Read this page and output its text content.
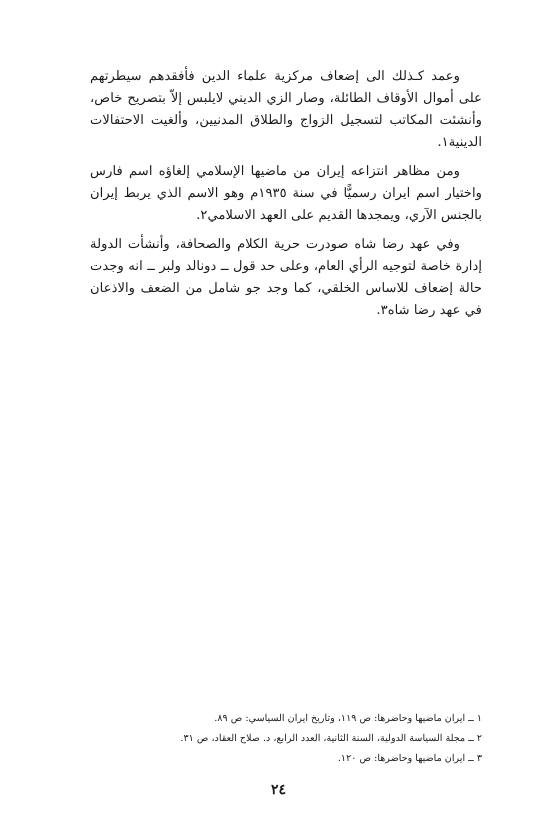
وعمد كـذلك الى إضعاف مركزية علماء الدين فأفقدهم سيطرتهم على أموال الأوقاف الطائلة، وصار الزي الديني لايلبس إلاّ بتصريح خاص، وأنشئت المكاتب لتسجيل الزواج والطلاق المدنيين، وألغيت الاحتفالات الدينية١.

ومن مظاهر انتزاعه إيران من ماضيها الإسلامي إلغاؤه اسم فارس واختيار اسم ايران رسميًّا في سنة ١٩٣٥م وهو الاسم الذي يربط إيران بالجنس الآري، ويمجدها القديم على العهد الاسلامي٢.

وفي عهد رضا شاه صودرت حرية الكلام والصحافة، وأنشأت الدولة إدارة خاصة لتوجيه الرأي العام، وعلى حد قول ــ دونالد ولبر ــ انه وجدت حالة إضعاف للاساس الخلقي، كما وجد جو شامل من الضعف والاذعان في عهد رضا شاه٣.

١ ــ ايران ماضيها وحاضرها: ص ١١٩، وتاريخ ايران السياسي: ص ٨٩.

٢ ــ مجلة السياسة الدولية، السنة الثانية، العدد الرابع، د. صلاح العقاد، ص ٣١.

٣ ــ ايران ماضيها وحاضرها: ص ١٢٠.

٢٤
